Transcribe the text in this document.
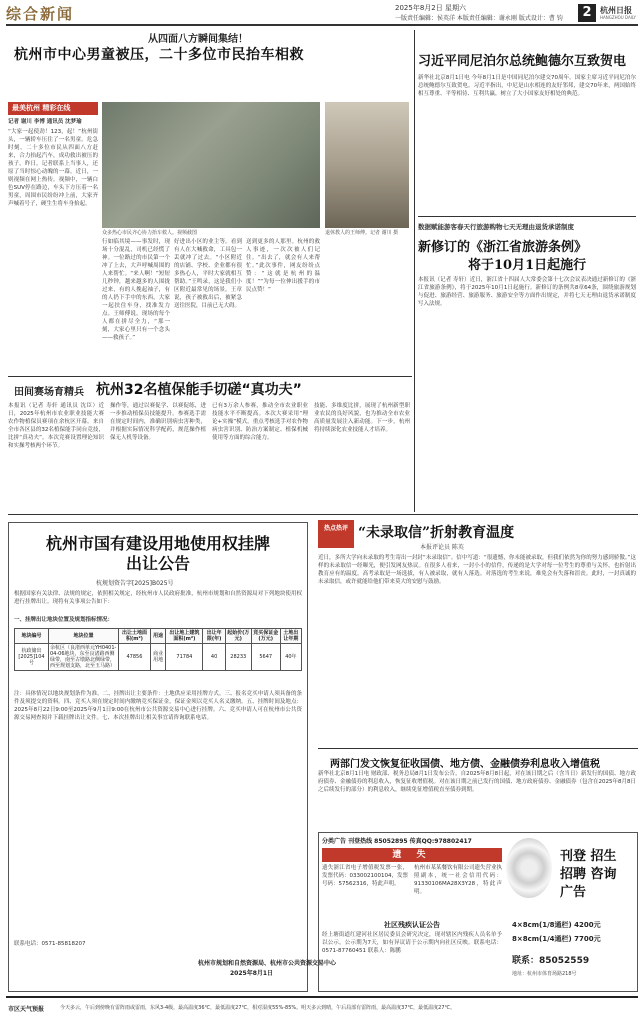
综合新闻	2025年8月2日 星期六
一版责任编辑：侯英洋 本版责任编辑：谢永刚 版式设计：曹 钧	2	杭州日报
HANGZHOU DAILY
从四面八方瞬间集结！
杭州市中心男童被压，二十多位市民抬车相救
最美杭州 精彩在线
记者 谢川 李博 通讯员 沈梦瑜
“大家一起使劲！123，起！”杭州街头，一辆轿车压住了一名男童。危急时刻，二十多位市民从四面八方赶来，合力抬起汽车，成功救出被压的孩子。昨日，记者联系上当事人，还原了当时惊心动魄的一幕。近日，一则视频在网上热传。视频中，一辆白色SUV停在路边，车头下方压着一名男童，周围市民纷纷冲上前，大家齐声喊着号子，硬生生将车身抬起。
众多热心市民齐心协力抬车救人。视频截图	退休教人的王师傅。记者 谢川 摄
行如临其境——事发时，现场十分混乱，司机已经慌了神。一位路过的市民第一个冲了上去，大声呼喊周围的人来帮忙。“来人啊！”短短几秒钟，越来越多的人围拢过来，有的人挽起袖子，有的人扔下手中的东西，大家一起扶住车身，找准发力点。王师傅说，现场的每个人都在拼尽全力，“那一刻，大家心里只有一个念头——救孩子。”
好进出小区的业主等。看到有人在大喊救命，工具包一丢就冲了过去。“小区附近的店铺、学校、企业都有很多热心人，平时大家就相互帮助。”王鸣录，这是我们小区附近最常见的场景。王章说，孩子被救出后，被紧急送往医院，目前已无大碍。
送到更多的人那里。杭州的救人事迹，一次次被人们记住。“出去了，就会有人来帮忙。”此次事件，网友纷纷点赞：“这就是杭州的温度！”“为每一位伸出援手的市民点赞！”
田间赛场育精兵 杭州32名植保能手切磋“真功夫”
本报讯（记者 寿轩 通讯员 沈臣）近日，2025年杭州市农业职业技能大赛农作物植保员赛项在余杭区开幕。来自全市各区县的32名植保能手同台竞技，比拼“真功夫”。本次竞赛设置理论知识和实操考核两个环节。
操作等，通过以赛促学、以赛促练，进一步推动植保员技能提升。参赛选手需在规定时间内，准确识别病虫害种类，并根据实际情况科学配药，规范操作植保无人机等设备。
已有3万余人参赛，推动全市农业职业技能水平不断提高。本次大赛采用“理论+实操”模式，重点考核选手对农作物病虫害识别、防治方案制定、植保机械使用等方面的综合能力。
技能、多维度比拼，展现了杭州新型职业农民的良好风貌，也为推动全市农业高质量发展注入新动能。下一步，杭州将持续深化农业技能人才培养。
习近平同尼泊尔总统鲍德尔互致贺电
新华社北京8月1日电 今年8月1日是中国同尼泊尔建交70周年。国家主席习近平同尼泊尔总统鲍德尔互致贺电。习近平指出，中尼是山水相连的友好邻邦，建交70年来，两国始终相互尊重、平等相待、互利共赢，树立了大小国家友好相处的典范。
数据赋能游客春天行旅游购物七天无理由退货承诺制度
新修订的《浙江省旅游条例》
将于10月1日起施行
本报讯（记者 寿轩）近日，浙江省十四届人大常委会第十七次会议表决通过新修订的《浙江省旅游条例》，将于2025年10月1日起施行。新修订的条例共8章64条，围绕旅游规划与促进、旅游经营、旅游服务、旅游安全等方面作出规定，并将七天无理由退货承诺制度写入法规。
杭州市国有建设用地使用权挂牌出让公告
杭规划资告字[2025]B025号
根据国家有关法律、法规的规定，依照相关规定，经杭州市人民政府批准，杭州市规划和自然资源局对下列地块使用权进行挂牌出让。现将有关事项公告如下：
一、挂牌出让地块位置及规划指标情况：
地块编号	地块位置	出让土地面积(m²)	用途	出让地上建筑面积(m²)	出让年限(年)	起始价(万元)	竞买保证金(万元)	土地出让年期
杭政储出[2025]104号	余杭区（良渚西单元YH0401-04-06地块，东至良渚路西侧绿带，南至古墩路北侧绿带，西至规划支路，北至玉马路）	47856	商业用地	71784	40	28233	5647	40年
注：具体情况以地块规划条件为准。二、挂牌出让主要条件：土地供应采用挂牌方式。三、报名竞买申请人须具备的条件及须提交的资料。四、竞买人须在规定时间内缴纳竞买保证金，保证金须以竞买人名义缴纳。五、挂牌时间及地点：2025年8月22日9:00至2025年9月1日9:00在杭州市公共资源交易中心进行挂牌。六、竞买申请人可在杭州市公共资源交易网查阅并下载挂牌出让文件。七、本次挂牌出让相关事宜请咨询联系电话。
联系电话：0571-85818207
杭州市规划和自然资源局、杭州市公共资源交易中心
2025年8月1日
热点热评 “未录取信”折射教育温度
本报评论员 陈英
近日，多所大学向未录取的考生寄出一封封“未录取信”。信中写道：“很遗憾，你未能被录取，但我们依然为你的努力感到骄傲。”这样的未录取信一经曝光，便引发网友热议。在很多人看来，一封小小的信件，传递的是大学对每一位考生的尊重与关怀，也折射出教育应有的温度。高考录取是一场选拔，有人被录取，就有人落选。对落选的考生来说，难免会有失落和沮丧。此时，一封真诚的未录取信，或许就能给他们带来莫大的安慰与鼓励。
两部门发文恢复征收国债、地方债、金融债券利息收入增值税
新华社北京8月1日电 财政部、税务总局8月1日发布公告，自2025年8月8日起，对在该日期之后（含当日）新发行的国债、地方政府债券、金融债券的利息收入，恢复征收增值税。对在该日期之前已发行的国债、地方政府债券、金融债券（包含在2025年8月8日之后续发行的部分）的利息收入，继续免征增值税直至债券到期。
分类广告 刊登热线 85052895 传真QQ:978802417
遗 失
遗失浙江省电子增值税发票一张，发票代码：033002100104，发票号码：57562316，特此声明。
杭州市某某餐饮有限公司遗失营业执照副本，统一社会信用代码：91330106MA28X3Y28，特此声明。
社区残疾认证公告
经上塘街道红建河社区居民委员会研究决定，现对辖区内残疾人员名单予以公示，公示期为7天，如有异议请于公示期内向社区反映。联系电话：0571-87760451 联系人：陈鹏
刊登 招生 招聘 咨询 广告
4×8cm(1/8通栏) 4200元
8×8cm(1/4通栏) 7700元
联系：85052559
地址：杭州市体育场路218号
市区天气预报	今天多云，午后到傍晚有雷阵雨或雷雨，东风3-4级，最高温度36℃，最低温度27℃，相对湿度55%-85%。明天多云到晴，午后局部有雷阵雨，最高温度37℃，最低温度27℃。
